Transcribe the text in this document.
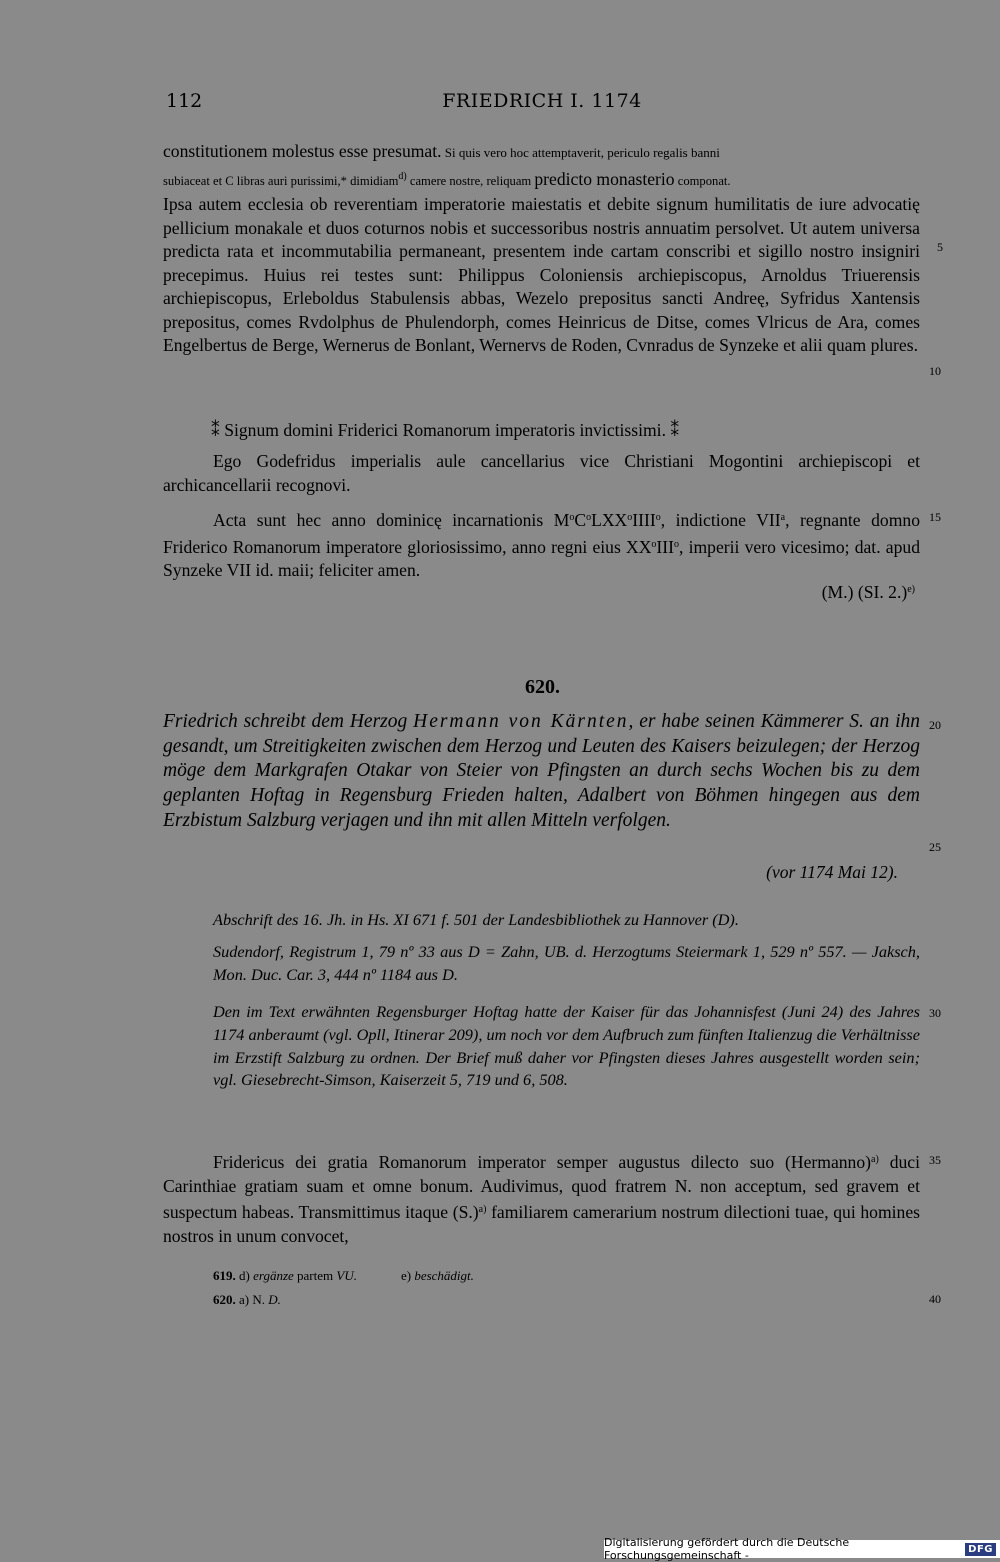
112	FRIEDRICH I. 1174
constitutionem molestus esse presumat. Si quis vero hoc attemptaverit, periculo regalis banni
subiaceat et C libras auri purissimi,* dimidiam$^{d)}$ camere nostre, reliquam predicto monasterio componat.
Ipsa autem ecclesia ob reverentiam imperatorie maiestatis et debite signum humilitatis de iure advocatię pellicium monakale et duos coturnos nobis et successoribus nostris annuatim persolvet. Ut autem universa predicta rata et incommutabilia permaneant, presentem inde cartam conscribi et sigillo nostro insigniri precepimus. Huius rei testes sunt: Philippus Coloniensis archiepiscopus, Arnoldus Triuerensis archiepiscopus, Erleboldus Stabulensis abbas, Wezelo prepositus sancti Andreę, Syfridus Xantensis prepositus, comes Rvdolphus de Phulendorph, comes Heinricus de Ditse, comes Vlricus de Ara, comes Engelbertus de Berge, Wernerus de Bonlant, Wernervs de Roden, Cvnradus de Synzeke et alii quam plures.
⁑ Signum domini Friderici Romanorum imperatoris invictissimi. ⁑
Ego Godefridus imperialis aule cancellarius vice Christiani Mogontini archiepiscopi et archicancellarii recognovi.
Acta sunt hec anno dominicę incarnationis $M^oC^oLXX^oIIII^o$, indictione VII$^a$, regnante domno Friderico Romanorum imperatore gloriosissimo, anno regni eius $XX^oIII^o$, imperii vero vicesimo; dat. apud Synzeke VII id. maii; feliciter amen.
(M.) (SI. 2.)$^{e)}$
620.
Friedrich schreibt dem Herzog Hermann von Kärnten, er habe seinen Kämmerer S. an ihn gesandt, um Streitigkeiten zwischen dem Herzog und Leuten des Kaisers beizulegen; der Herzog möge dem Markgrafen Otakar von Steier von Pfingsten an durch sechs Wochen bis zu dem geplanten Hoftag in Regensburg Frieden halten, Adalbert von Böhmen hingegen aus dem Erzbistum Salzburg verjagen und ihn mit allen Mitteln verfolgen.
(vor 1174 Mai 12).
Abschrift des 16. Jh. in Hs. XI 671 f. 501 der Landesbibliothek zu Hannover (D).
Sudendorf, Registrum 1, 79 nº 33 aus D = Zahn, UB. d. Herzogtums Steiermark 1, 529 nº 557. — Jaksch, Mon. Duc. Car. 3, 444 nº 1184 aus D.
Den im Text erwähnten Regensburger Hoftag hatte der Kaiser für das Johannisfest (Juni 24) des Jahres 1174 anberaumt (vgl. Opll, Itinerar 209), um noch vor dem Aufbruch zum fünften Italienzug die Verhältnisse im Erzstift Salzburg zu ordnen. Der Brief muß daher vor Pfingsten dieses Jahres ausgestellt worden sein; vgl. Giesebrecht-Simson, Kaiserzeit 5, 719 und 6, 508.
Fridericus dei gratia Romanorum imperator semper augustus dilecto suo (Hermanno)$^{a)}$ duci Carinthiae gratiam suam et omne bonum. Audivimus, quod fratrem N. non acceptum, sed gravem et suspectum habeas. Transmittimus itaque $(S.)^{a)}$ familiarem camerarium nostrum dilectioni tuae, qui homines nostros in unum convocet,
619. d) ergänze partem VU.	e) beschädigt.
620. a) N. D.
5
10
15
20
25
30
35
40
Digitalisierung gefördert durch die Deutsche Forschungsgemeinschaft -	DFG
